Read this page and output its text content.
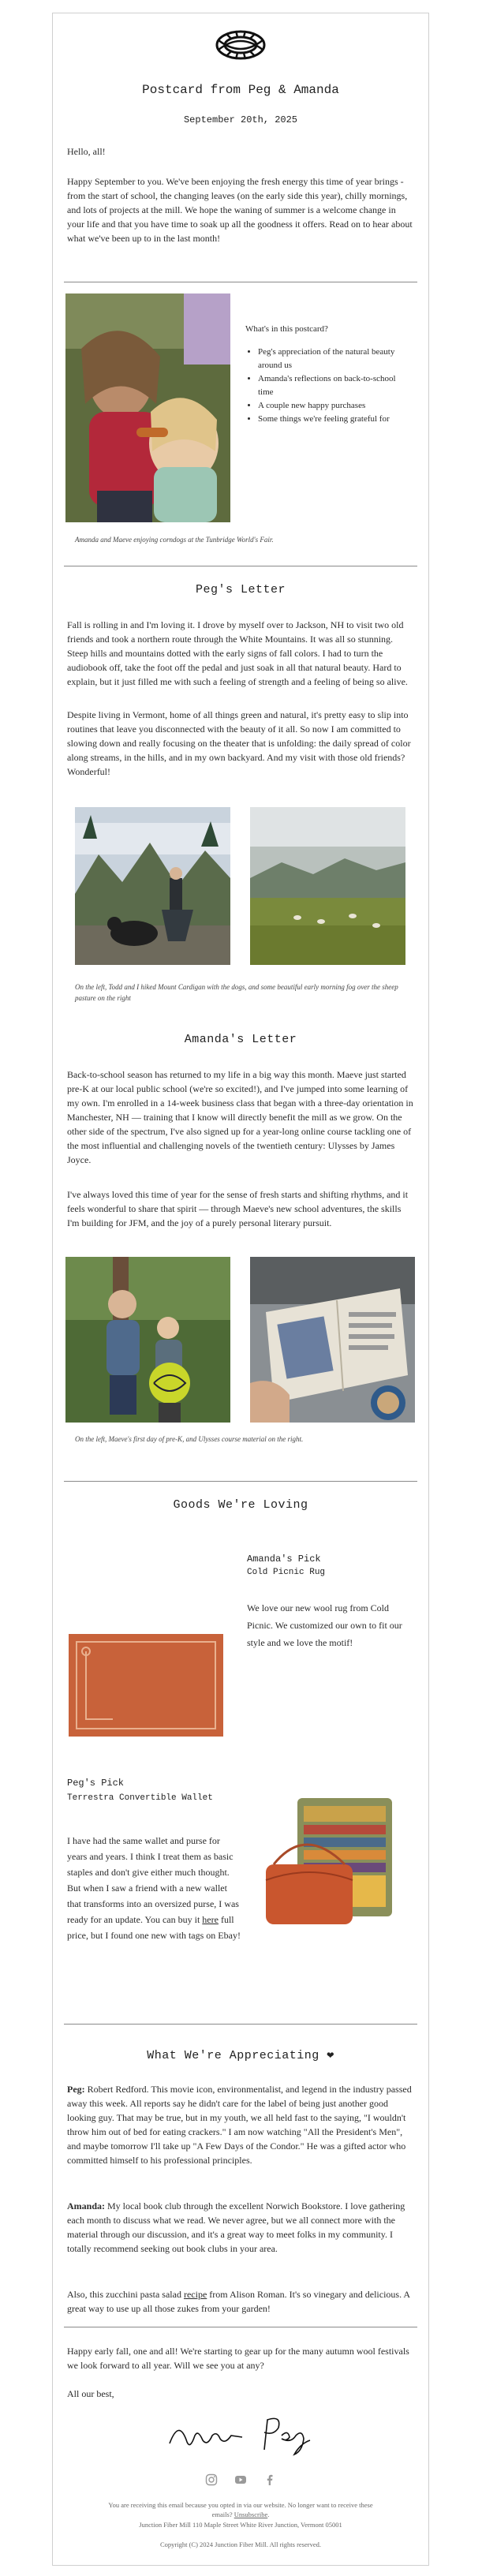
Postcard from Peg & Amanda
September 20th, 2025
Hello, all!
Happy September to you. We've been enjoying the fresh energy this time of year brings - from the start of school, the changing leaves (on the early side this year), chilly mornings, and lots of projects at the mill. We hope the waning of summer is a welcome change in your life and that you have time to soak up all the goodness it offers. Read on to hear about what we've been up to in the last month!
What's in this postcard?
• Peg's appreciation of the natural beauty around us
• Amanda's reflections on back-to-school time
• A couple new happy purchases
• Some things we're feeling grateful for
Amanda and Maeve enjoying corndogs at the Tunbridge World's Fair.
Peg's Letter
Fall is rolling in and I'm loving it. I drove by myself over to Jackson, NH to visit two old friends and took a northern route through the White Mountains. It was all so stunning. Steep hills and mountains dotted with the early signs of fall colors. I had to turn the audiobook off, take the foot off the pedal and just soak in all that natural beauty. Hard to explain, but it just filled me with such a feeling of strength and a feeling of being so alive.
Despite living in Vermont, home of all things green and natural, it's pretty easy to slip into routines that leave you disconnected with the beauty of it all. So now I am committed to slowing down and really focusing on the theater that is unfolding: the daily spread of color along streams, in the hills, and in my own backyard. And my visit with those old friends? Wonderful!
On the left, Todd and I hiked Mount Cardigan with the dogs, and some beautiful early morning fog over the sheep pasture on the right
Amanda's Letter
Back-to-school season has returned to my life in a big way this month. Maeve just started pre-K at our local public school (we're so excited!), and I've jumped into some learning of my own. I'm enrolled in a 14-week business class that began with a three-day orientation in Manchester, NH — training that I know will directly benefit the mill as we grow. On the other side of the spectrum, I've also signed up for a year-long online course tackling one of the most influential and challenging novels of the twentieth century: Ulysses by James Joyce.
I've always loved this time of year for the sense of fresh starts and shifting rhythms, and it feels wonderful to share that spirit — through Maeve's new school adventures, the skills I'm building for JFM, and the joy of a purely personal literary pursuit.
On the left, Maeve's first day of pre-K, and Ulysses course material on the right.
Goods We're Loving
Amanda's Pick
Cold Picnic Rug
We love our new wool rug from Cold Picnic. We customized our own to fit our style and we love the motif!
Peg's Pick
Terrestra Convertible Wallet
I have had the same wallet and purse for years and years. I think I treat them as basic staples and don't give either much thought. But when I saw a friend with a new wallet that transforms into an oversized purse, I was ready for an update. You can buy it here full price, but I found one new with tags on Ebay!
What We're Appreciating ❤
Peg: Robert Redford. This movie icon, environmentalist, and legend in the industry passed away this week. All reports say he didn't care for the label of being just another good looking guy. That may be true, but in my youth, we all held fast to the saying, "I wouldn't throw him out of bed for eating crackers." I am now watching "All the President's Men", and maybe tomorrow I'll take up "A Few Days of the Condor." He was a gifted actor who committed himself to his professional principles.
Amanda: My local book club through the excellent Norwich Bookstore. I love gathering each month to discuss what we read. We never agree, but we all connect more with the material through our discussion, and it's a great way to meet folks in my community. I totally recommend seeking out book clubs in your area.
Also, this zucchini pasta salad recipe from Alison Roman. It's so vinegary and delicious. A great way to use up all those zukes from your garden!
Happy early fall, one and all! We're starting to gear up for the many autumn wool festivals we look forward to all year. Will we see you at any?
All our best,
You are receiving this email because you opted in via our website. No longer want to receive these emails? Unsubscribe.
Junction Fiber Mill 110 Maple Street White River Junction, Vermont 05001
Copyright (C) 2024 Junction Fiber Mill. All rights reserved.
